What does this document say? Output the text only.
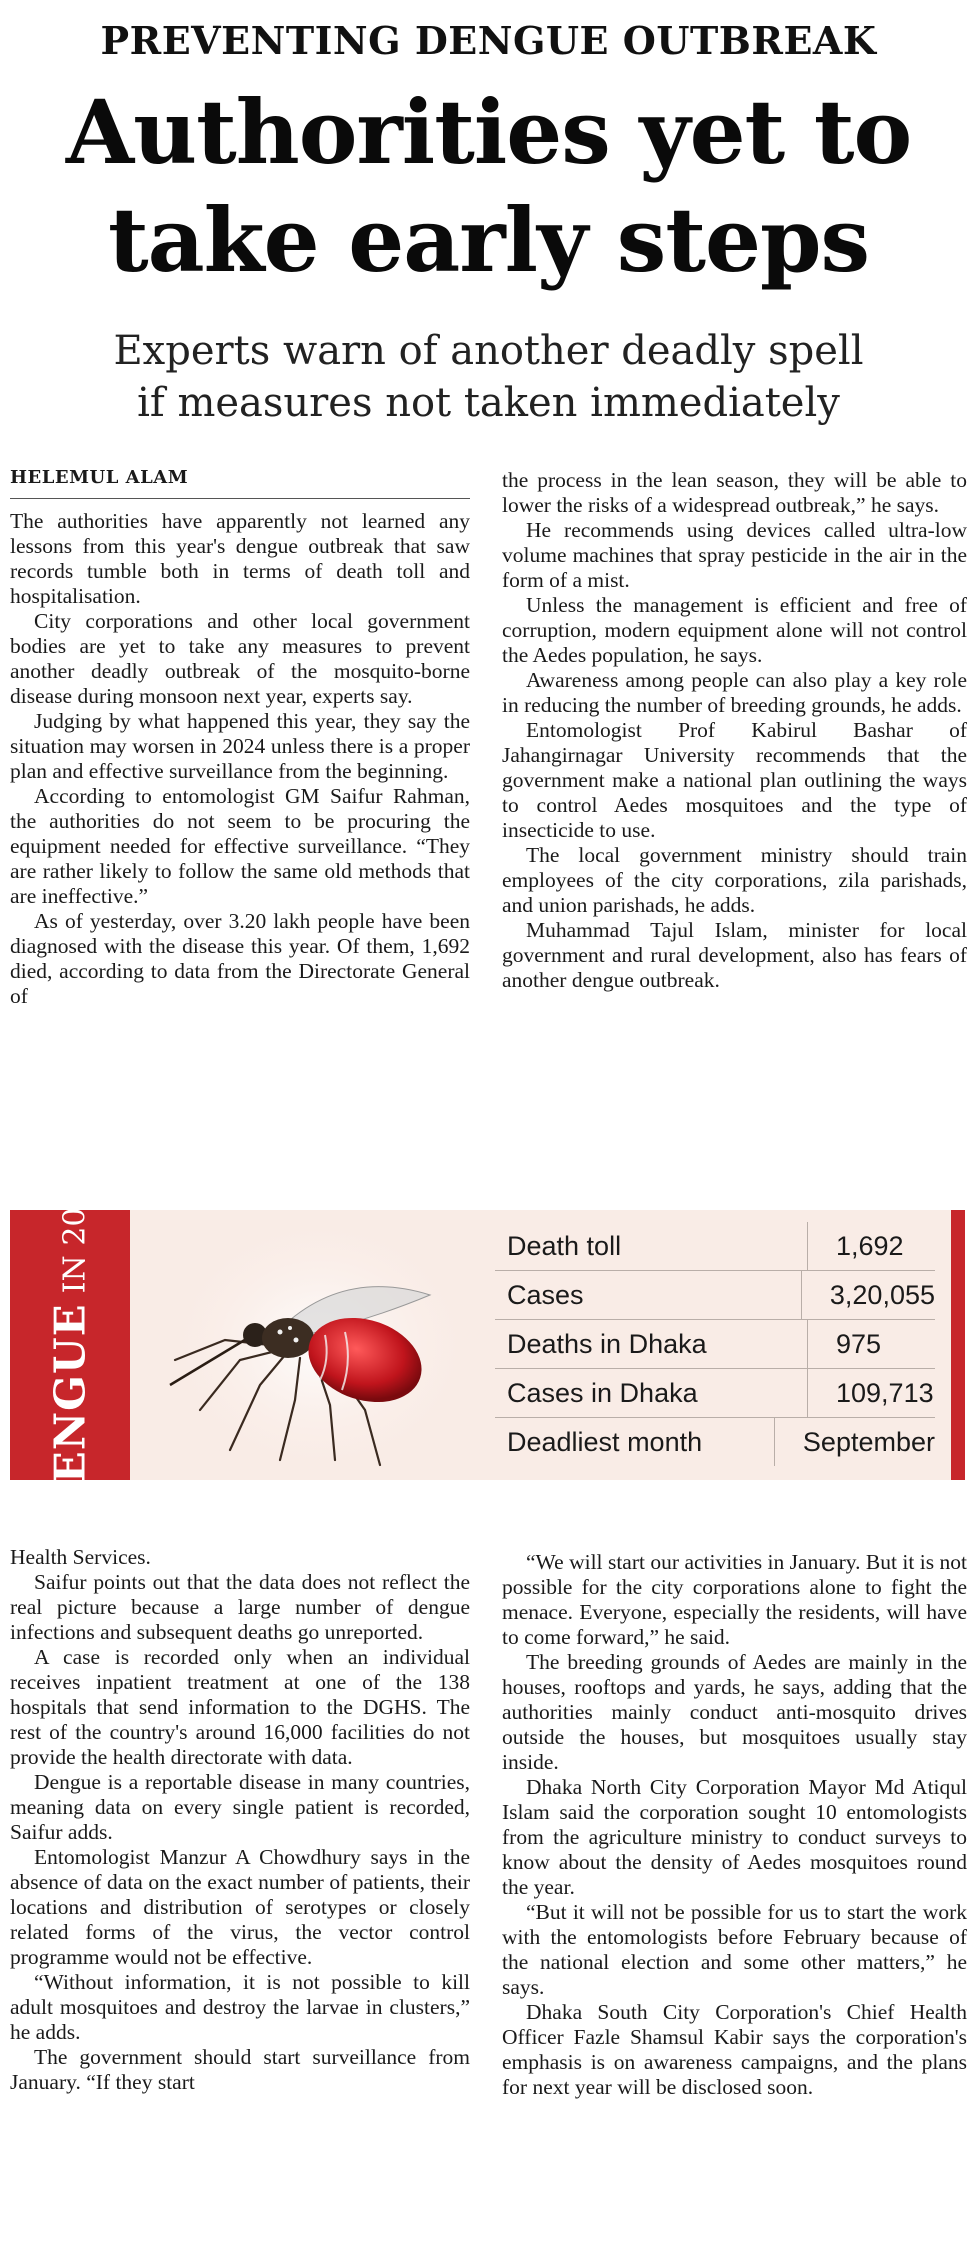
PREVENTING DENGUE OUTBREAK
Authorities yet to
take early steps
Experts warn of another deadly spell
if measures not taken immediately
HELEMUL ALAM

The authorities have apparently not learned any lessons from this year's dengue outbreak that saw records tumble both in terms of death toll and hospitalisation.

City corporations and other local government bodies are yet to take any measures to prevent another deadly outbreak of the mosquito-borne disease during monsoon next year, experts say.

Judging by what happened this year, they say the situation may worsen in 2024 unless there is a proper plan and effective surveillance from the beginning.

According to entomologist GM Saifur Rahman, the authorities do not seem to be procuring the equipment needed for effective surveillance. “They are rather likely to follow the same old methods that are ineffective.”

As of yesterday, over 3.20 lakh people have been diagnosed with the disease this year. Of them, 1,692 died, according to data from the Directorate General of

the process in the lean season, they will be able to lower the risks of a widespread outbreak,” he says.

He recommends using devices called ultra-low volume machines that spray pesticide in the air in the form of a mist.

Unless the management is efficient and free of corruption, modern equipment alone will not control the Aedes population, he says.

Awareness among people can also play a key role in reducing the number of breeding grounds, he adds.

Entomologist Prof Kabirul Bashar of Jahangirnagar University recommends that the government make a national plan outlining the ways to control Aedes mosquitoes and the type of insecticide to use.

The local government ministry should train employees of the city corporations, zila parishads, and union parishads, he adds.

Muhammad Tajul Islam, minister for local government and rural development, also has fears of another dengue outbreak.

DENGUEIN 2023	Death toll	1,692
Cases	3,20,055
Deaths in Dhaka	975
Cases in Dhaka	109,713
Deadliest month	September

Health Services.

Saifur points out that the data does not reflect the real picture because a large number of dengue infections and subsequent deaths go unreported.

A case is recorded only when an individual receives inpatient treatment at one of the 138 hospitals that send information to the DGHS. The rest of the country's around 16,000 facilities do not provide the health directorate with data.

Dengue is a reportable disease in many countries, meaning data on every single patient is recorded, Saifur adds.

Entomologist Manzur A Chowdhury says in the absence of data on the exact number of patients, their locations and distribution of serotypes or closely related forms of the virus, the vector control programme would not be effective.

“Without information, it is not possible to kill adult mosquitoes and destroy the larvae in clusters,” he adds.

The government should start surveillance from January. “If they start

“We will start our activities in January. But it is not possible for the city corporations alone to fight the menace. Everyone, especially the residents, will have to come forward,” he said.

The breeding grounds of Aedes are mainly in the houses, rooftops and yards, he says, adding that the authorities mainly conduct anti-mosquito drives outside the houses, but mosquitoes usually stay inside.

Dhaka North City Corporation Mayor Md Atiqul Islam said the corporation sought 10 entomologists from the agriculture ministry to conduct surveys to know about the density of Aedes mosquitoes round the year.

“But it will not be possible for us to start the work with the entomologists before February because of the national election and some other matters,” he says.

Dhaka South City Corporation's Chief Health Officer Fazle Shamsul Kabir says the corporation's emphasis is on awareness campaigns, and the plans for next year will be disclosed soon.
